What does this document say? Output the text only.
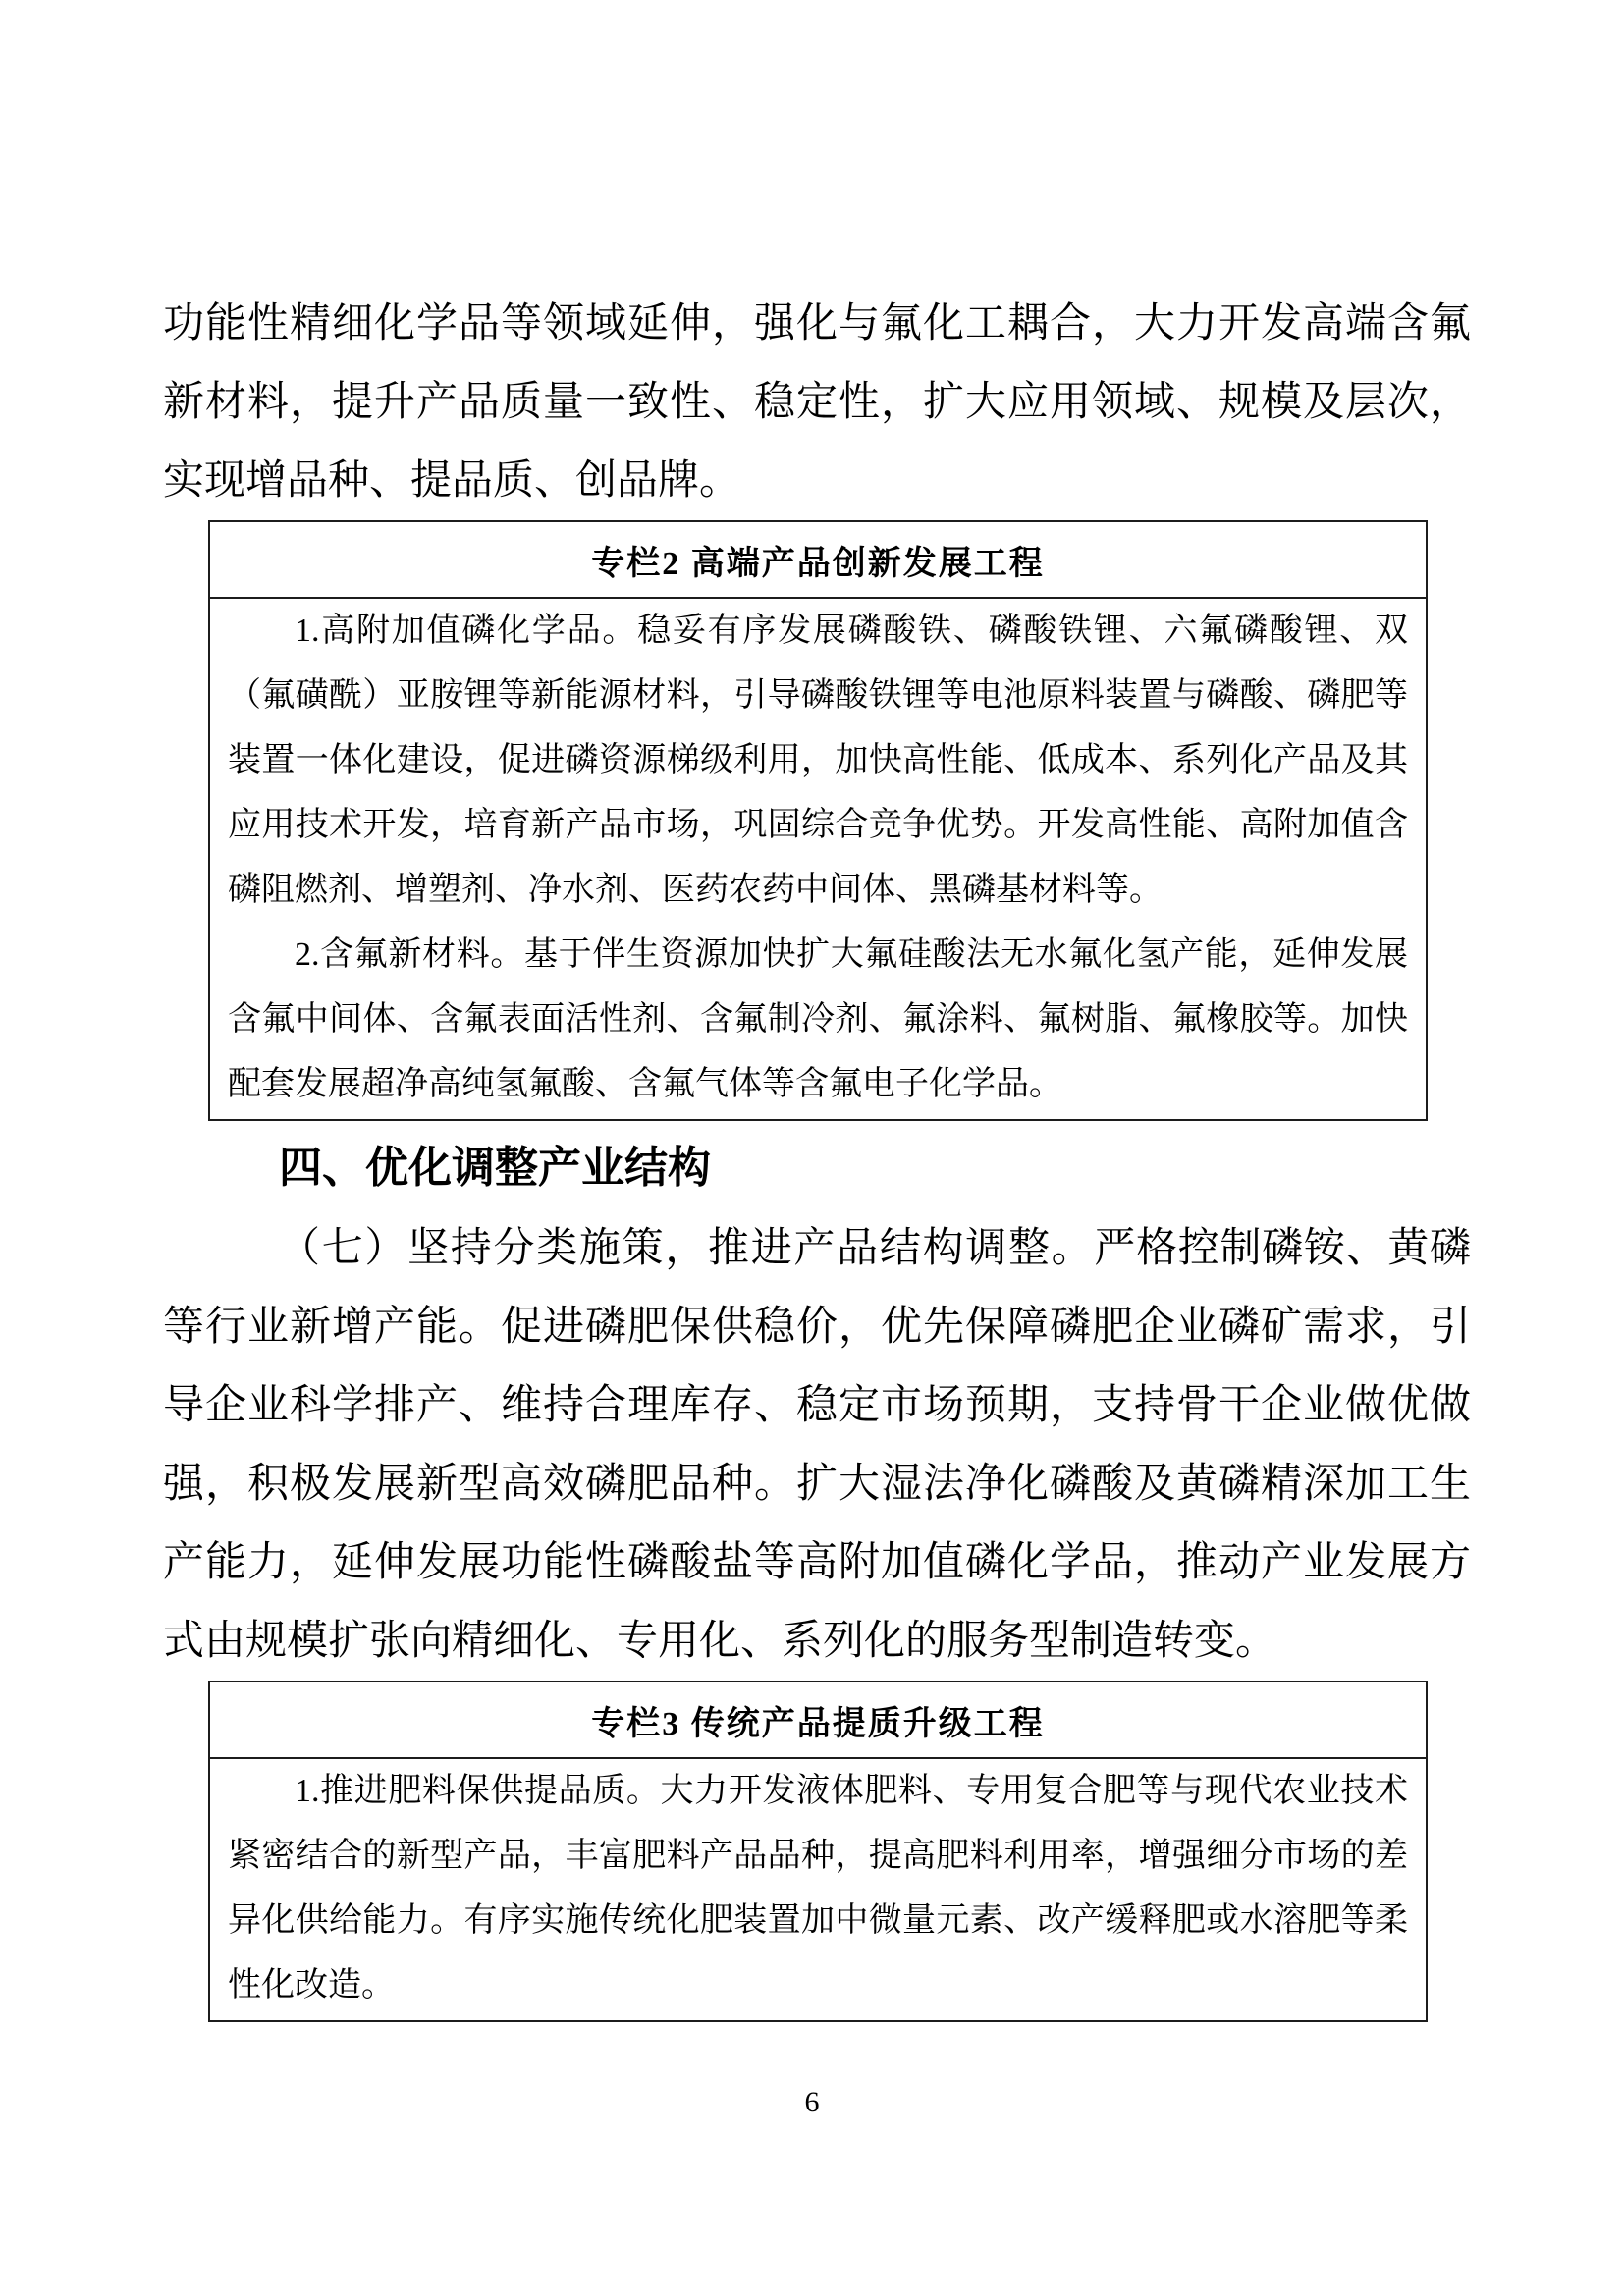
功能性精细化学品等领域延伸，强化与氟化工耦合，大力开发高端含氟新材料，提升产品质量一致性、稳定性，扩大应用领域、规模及层次，实现增品种、提品质、创品牌。

专栏2 高端产品创新发展工程

1.高附加值磷化学品。稳妥有序发展磷酸铁、磷酸铁锂、六氟磷酸锂、双（氟磺酰）亚胺锂等新能源材料，引导磷酸铁锂等电池原料装置与磷酸、磷肥等装置一体化建设，促进磷资源梯级利用，加快高性能、低成本、系列化产品及其应用技术开发，培育新产品市场，巩固综合竞争优势。开发高性能、高附加值含磷阻燃剂、增塑剂、净水剂、医药农药中间体、黑磷基材料等。

2.含氟新材料。基于伴生资源加快扩大氟硅酸法无水氟化氢产能，延伸发展含氟中间体、含氟表面活性剂、含氟制冷剂、氟涂料、氟树脂、氟橡胶等。加快配套发展超净高纯氢氟酸、含氟气体等含氟电子化学品。

四、优化调整产业结构

（七）坚持分类施策，推进产品结构调整。严格控制磷铵、黄磷等行业新增产能。促进磷肥保供稳价，优先保障磷肥企业磷矿需求，引导企业科学排产、维持合理库存、稳定市场预期，支持骨干企业做优做强，积极发展新型高效磷肥品种。扩大湿法净化磷酸及黄磷精深加工生产能力，延伸发展功能性磷酸盐等高附加值磷化学品，推动产业发展方式由规模扩张向精细化、专用化、系列化的服务型制造转变。

专栏3 传统产品提质升级工程

1.推进肥料保供提品质。大力开发液体肥料、专用复合肥等与现代农业技术紧密结合的新型产品，丰富肥料产品品种，提高肥料利用率，增强细分市场的差异化供给能力。有序实施传统化肥装置加中微量元素、改产缓释肥或水溶肥等柔性化改造。

6
